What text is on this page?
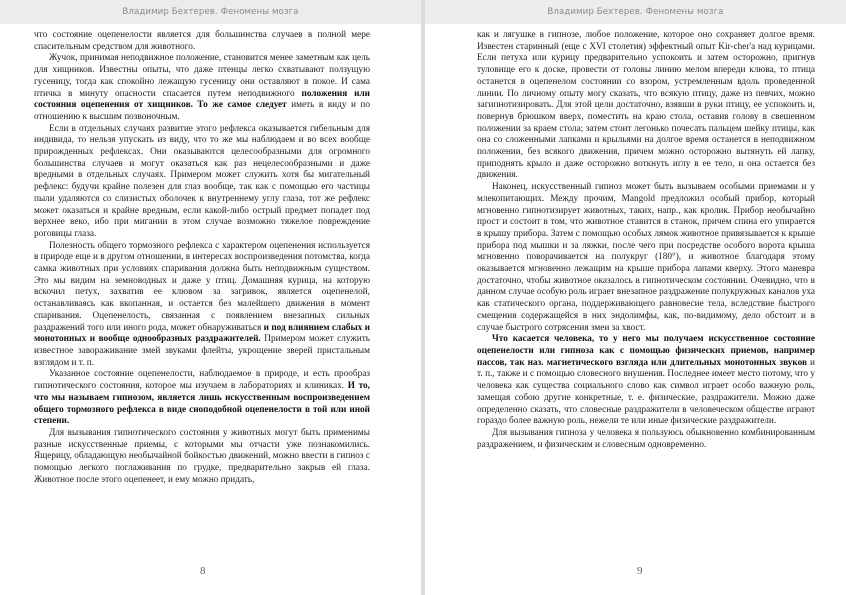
Владимир Бехтерев. Феномены мозга

что состояние оцепенелости является для большинства случаев в полной мере спасительным средством для животного.

Жучок, принимая неподвижное положение, становится менее заметным как цель для хищников. Известны опыты, что даже птенцы легко схватывают ползущую гусеницу, тогда как спокойно лежащую гусеницу они оставляют в покое. И сама птичка в минуту опасности спасается путем неподвижного положения или состояния оцепенения от хищников. То же самое следует иметь в виду и по отношению к высшим позвоночным.

Если в отдельных случаях развитие этого рефлекса оказывается гибельным для индивида, то нельзя упускать из виду, что то же мы наблюдаем и во всех вообще прирожденных рефлексах. Они оказываются целесообразными для огромного большинства случаев и могут оказаться как раз нецелесообразными и даже вредными в отдельных случаях. Примером может служить хотя бы мигательный рефлекс: будучи крайне полезен для глаз вообще, так как с помощью его частицы пыли удаляются со слизистых оболочек к внутреннему углу глаза, тот же рефлекс может оказаться и крайне вредным, если какой-либо острый предмет попадет под верхнее веко, ибо при мигании в этом случае возможно тяжелое повреждение роговицы глаза.

Полезность общего тормозного рефлекса с характером оцепенения используется в природе еще и в другом отношении, в интересах воспроизведения потомства, когда самка животных при условиях спаривания должна быть неподвижным существом. Это мы видим на земноводных и даже у птиц. Домашняя курица, на которую вскочил петух, захватив ее клювом за загривок, является оцепенелой, останавливаясь как вкопанная, и остается без малейшего движения в момент спаривания. Оцепенелость, связанная с появлением внезапных сильных раздражений того или иного рода, может обнаруживаться и под влиянием слабых и монотонных и вообще однообразных раздражителей. Примером может служить известное завораживание змей звуками флейты, укрощение зверей пристальным взглядом и т. п.

Указанное состояние оцепенелости, наблюдаемое в природе, и есть прообраз гипнотического состояния, которое мы изучаем в лабораториях и клиниках. И то, что мы называем гипнозом, является лишь искусственным воспроизведением общего тормозного рефлекса в виде сноподобной оцепенелости в той или иной степени.

Для вызывания гипнотического состояния у животных могут быть применимы разные искусственные приемы, с которыми мы отчасти уже познакомились. Ящерицу, обладающую необычайной бойкостью движений, можно ввести в гипноз с помощью легкого поглаживания по грудке, предварительно закрыв ей глаза. Животное после этого оцепенеет, и ему можно придать,

8
Владимир Бехтерев. Феномены мозга

как и лягушке в гипнозе, любое положение, которое оно сохраняет долгое время. Известен старинный (еще с XVI столетия) эффектный опыт Kir-cher'a над курицами. Если петуха или курицу предварительно успокоить и затем осторожно, пригнув туловище его к доске, провести от головы линию мелом впереди клюва, то птица останется в оцепенелом состоянии со взором, устремленным вдоль проведенной линии. По личному опыту могу сказать, что всякую птицу, даже из певчих, можно загипнотизировать. Для этой цели достаточно, взявши в руки птицу, ее успокоить и, повернув брюшком вверх, поместить на краю стола, оставив голову в свешенном положении за краем стола; затем стоит легонько почесать пальцем шейку птицы, как она со сложенными лапками и крыльями на долгое время останется в неподвижном положении, без всякого движения, причем можно осторожно вытянуть ей лапку, приподнять крыло и даже осторожно воткнуть иглу в ее тело, и она остается без движения.

Наконец, искусственный гипноз может быть вызываем особыми приемами и у млекопитающих. Между прочим, Mangold предложил особый прибор, который мгновенно гипнотизирует животных, таких, напр., как кролик. Прибор необычайно прост и состоит в том, что животное ставится в станок, причем спина его упирается в крышу прибора. Затем с помощью особых лямок животное привязывается к крыше прибора под мышки и за ляжки, после чего при посредстве особого ворота крыша мгновенно поворачивается на полукруг (180°), и животное благодаря этому оказывается мгновенно лежащим на крыше прибора лапами кверху. Этого маневра достаточно, чтобы животное оказалось в гипнотическом состоянии. Очевидно, что в данном случае особую роль играет внезапное раздражение полукружных каналов уха как статического органа, поддерживающего равновесие тела, вследствие быстрого смещения содержащейся в них эндолимфы, как, по-видимому, дело обстоит и в случае быстрого сотрясения змеи за хвост.

Что касается человека, то у него мы получаем искусственное состояние оцепенелости или гипноза как с помощью физических приемов, например пассов, так наз. магнетического взгляда или длительных монотонных звуков и т. п., также и с помощью словесного внушения. Последнее имеет место потому, что у человека как существа социального слово как символ играет особо важную роль, замещая собою другие конкретные, т. е. физические, раздражители. Можно даже определенно сказать, что словесные раздражители в человеческом обществе играют гораздо более важную роль, нежели те или иные физические раздражители.

Для вызывания гипноза у человека я пользуюсь обыкновенно комбинированным раздражением, и физическим и словесным одновременно.

9
